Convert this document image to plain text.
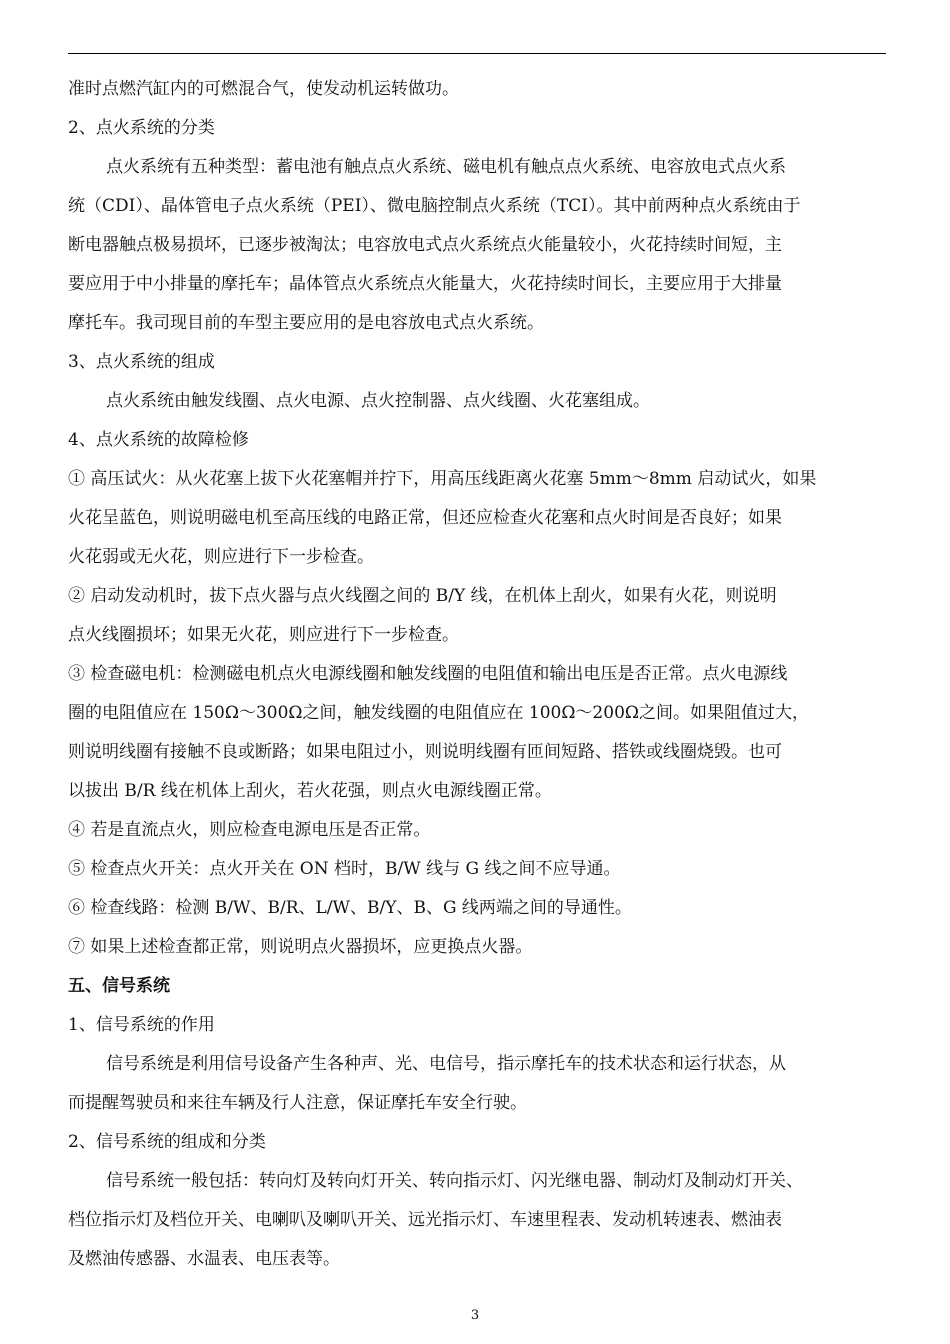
准时点燃汽缸内的可燃混合气，使发动机运转做功。
2、点火系统的分类
点火系统有五种类型：蓄电池有触点点火系统、磁电机有触点点火系统、电容放电式点火系
统（CDI）、晶体管电子点火系统（PEI）、微电脑控制点火系统（TCI）。其中前两种点火系统由于
断电器触点极易损坏，已逐步被淘汰；电容放电式点火系统点火能量较小，火花持续时间短，主
要应用于中小排量的摩托车；晶体管点火系统点火能量大，火花持续时间长，主要应用于大排量
摩托车。我司现目前的车型主要应用的是电容放电式点火系统。
3、点火系统的组成
点火系统由触发线圈、点火电源、点火控制器、点火线圈、火花塞组成。
4、点火系统的故障检修
① 高压试火：从火花塞上拔下火花塞帽并拧下，用高压线距离火花塞 5mm～8mm 启动试火，如果
火花呈蓝色，则说明磁电机至高压线的电路正常，但还应检查火花塞和点火时间是否良好；如果
火花弱或无火花，则应进行下一步检查。
② 启动发动机时，拔下点火器与点火线圈之间的 B/Y 线，在机体上刮火，如果有火花，则说明
点火线圈损坏；如果无火花，则应进行下一步检查。
③ 检查磁电机：检测磁电机点火电源线圈和触发线圈的电阻值和输出电压是否正常。点火电源线
圈的电阻值应在 150Ω～300Ω之间，触发线圈的电阻值应在 100Ω～200Ω之间。如果阻值过大，
则说明线圈有接触不良或断路；如果电阻过小，则说明线圈有匝间短路、搭铁或线圈烧毁。也可
以拔出 B/R 线在机体上刮火，若火花强，则点火电源线圈正常。
④ 若是直流点火，则应检查电源电压是否正常。
⑤ 检查点火开关：点火开关在 ON 档时，B/W 线与 G 线之间不应导通。
⑥ 检查线路：检测 B/W、B/R、L/W、B/Y、B、G 线两端之间的导通性。
⑦ 如果上述检查都正常，则说明点火器损坏，应更换点火器。
五、信号系统
1、信号系统的作用
信号系统是利用信号设备产生各种声、光、电信号，指示摩托车的技术状态和运行状态，从
而提醒驾驶员和来往车辆及行人注意，保证摩托车安全行驶。
2、信号系统的组成和分类
信号系统一般包括：转向灯及转向灯开关、转向指示灯、闪光继电器、制动灯及制动灯开关、
档位指示灯及档位开关、电喇叭及喇叭开关、远光指示灯、车速里程表、发动机转速表、燃油表
及燃油传感器、水温表、电压表等。
3
